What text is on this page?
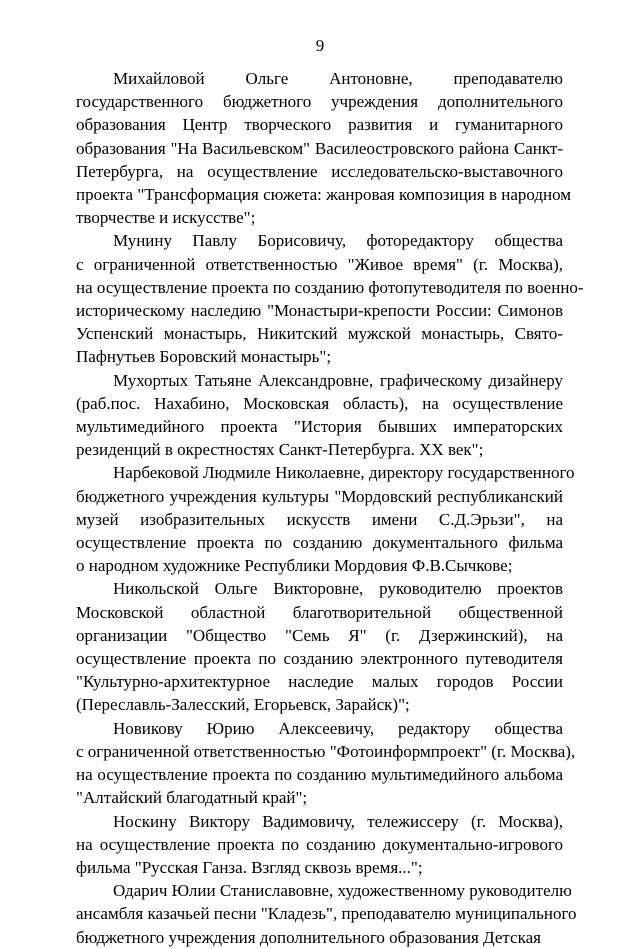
9
Михайловой Ольге Антоновне, преподавателю
государственного бюджетного учреждения дополнительного
образования Центр творческого развития и гуманитарного
образования "На Васильевском" Василеостровского района Санкт-
Петербурга, на осуществление исследовательско-выставочного
проекта "Трансформация сюжета: жанровая композиция в народном
творчестве и искусстве";
Мунину Павлу Борисовичу, фоторедактору общества
с ограниченной ответственностью "Живое время" (г. Москва),
на осуществление проекта по созданию фотопутеводителя по военно-
историческому наследию "Монастыри-крепости России: Симонов
Успенский монастырь, Никитский мужской монастырь, Свято-
Пафнутьев Боровский монастырь";
Мухортых Татьяне Александровне, графическому дизайнеру
(раб.пос. Нахабино, Московская область), на осуществление
мультимедийного проекта "История бывших императорских
резиденций в окрестностях Санкт-Петербурга. XX век";
Нарбековой Людмиле Николаевне, директору государственного
бюджетного учреждения культуры "Мордовский республиканский
музей изобразительных искусств имени С.Д.Эрьзи", на
осуществление проекта по созданию документального фильма
о народном художнике Республики Мордовия Ф.В.Сычкове;
Никольской Ольге Викторовне, руководителю проектов
Московской областной благотворительной общественной
организации "Общество "Семь Я" (г. Дзержинский), на
осуществление проекта по созданию электронного путеводителя
"Культурно-архитектурное наследие малых городов России
(Переславль-Залесский, Егорьевск, Зарайск)";
Новикову Юрию Алексеевичу, редактору общества
с ограниченной ответственностью "Фотоинформпроект" (г. Москва),
на осуществление проекта по созданию мультимедийного альбома
"Алтайский благодатный край";
Носкину Виктору Вадимовичу, тележиссеру (г. Москва),
на осуществление проекта по созданию документально-игрового
фильма "Русская Ганза. Взгляд сквозь время...";
Одарич Юлии Станиславовне, художественному руководителю
ансамбля казачьей песни "Кладезь", преподавателю муниципального
бюджетного учреждения дополнительного образования Детская
